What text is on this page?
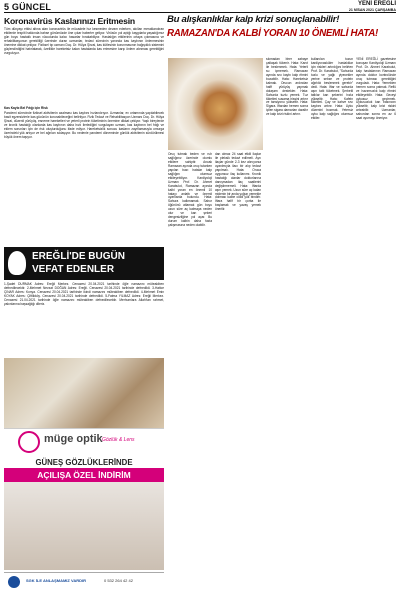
5 GÜNCEL	YENİ EREĞLİ
21 NİSAN 2021 ÇARŞAMBA
Koronavirüs Kaslarınızı Eritmesin
Tüm dünyayı etkisi altına alan koronavirüs ile mücadele hız kesmeden devam ederken, akılları meraklandıran etkilerde tespiti hakkında bahse günümüzde öne çıkar haberler geliyor. Virüsün yol açtığı kaygılarla yaşadığımız gün boyu hastalık insan vücudunda kalıcı hasarlar bırakabiliyor. Hastalığın etkilerinin ortaya çıkmasına ve rehabilitasyonun gerekliliği üzerinde duran uzmanlar, tedavi sürecinin yanında kas kaybının önlenmesinin önemine dikkat çekiyor. Fiziksel tıp uzmanı Doç. Dr. Hülya Şirzai, kas kütlesinin korunmasının bağışıklık sistemini güçlendirdiğini hatırlatarak, özellikle hareketsiz kalan hastalarda kas erimesine karşı önlem alınması gerektiğini vurguluyor.
Kas Kaybı Bel Fıtığı için Risk
Pandemi sürecinde fiziksel aktivitenin azalması kas kaybını hızlandırıyor. Uzmanlar, ev ortamında yapılabilecek basit egzersizlerle kas gücünün korunabileceğini belirtiyor. Fizik Tedavi ve Rehabilitasyon Uzmanı Doç. Dr. Hülya Şirzai, düzenli yürüyüş, esneme hareketleri ve yeterli protein tüketiminin önemine dikkat çekiyor. Yaşlı bireylerde ve kronik hastalığı olanlarda kas kaybının daha hızlı ilerlediğini vurgulayan uzman, kas kaybının bel fıtığı ve eklem sorunları için de risk oluşturduğunu ifade ediyor. Hareketsizlik sonucu kasların zayıflamasıyla omurga üzerindeki yük artıyor ve bel ağrıları sıklaşıyor. Bu nedenle pandemi döneminde günlük aktivitenin sürdürülmesi büyük önem taşıyor.
EREĞLİ'DE BUGÜN
VEFAT EDENLER
1-Şadet DURMAK Adres: Ereğli Merkez. Cenazesi 20.04.2021 tarihinde öğle namazını müteakiben defnedilecektir. 2-Mehmet Nevzat DOĞAN Adres: Ereğli. Cenazesi 20.04.2021 tarihinde defnedildi. 3-Hatice ÇINAR Adres: Konya. Cenazesi 20.04.2021 tarihinde ikindi namazını müteakiben defnedildi. 4-Mehmet Emin KOYAK Adres: Çiftlikköy. Cenazesi 20.04.2021 tarihinde defnedildi. 5-Fatma YILMAZ Adres: Ereğli Merkez. Cenazesi 21.04.2021 tarihinde öğle namazını müteakiben defnedilecektir. Merhumlara Allah'tan rahmet, yakınlarına başsağlığı dileriz.
müge optik Gözlük & Lens
GÜNEŞ GÖZLÜKLERİNDE
AÇILIŞA ÖZEL İNDİRİM
SGK İLE ANLAŞMAMIZ VARDIR	0 532 264 42 42
Bu alışkanlıklar kalp krizi sonuçlanabilir!
RAMAZAN'DA KALBİ YORAN 10 ÖNEMLİ HATA!
Oruç tutmak beden ve ruh sağlığınız üzerinde olumlu etkilere sahiptir. Ancak Ramazan ayında oruç tutarken yapılan bazı hatalar kalp sağlığını olumsuz etkileyebiliyor. Kardiyoloji Uzmanı Prof. Dr. Ahmet Karabulut, Ramazan ayında kalbi yoran en önemli 10 hatayı anlattı ve önemli uyarılarda bulundu. Hata: Sahura kalkmamak. Sahur öğününü atlamak gün boyu uzun süre aç kalmaya neden olur ve kan şekeri dengesizliğine yol açar. Bu durum kalbin daha fazla çalışmasına neden olabilir.
dan olmaz 24 saat etkili ilaçlar ile pleksik tedavi edilmeli. Ayrı ilaçlar günde 2-3 kez alınıyorsa uyanlmıyla ilacı bir alıp tedavi yapılmalı. Hata: Oruca uygunsuz ilaç kullanımı. Kronik hastalığı olanlar doktorlarına danışmadan ilaç saatlerini değiştirmemeli. Hata: İftarda aşırı yemek. Uzun süre aç kalan midenin bir anda yoğun yemekle dolması kalbe ciddi yük bindirir. İftara hafif bir çorba ile başlamak ve yavaş yemek önerilir.
sıkmadan birer zabaye çatlaşak tükenir. Hata: Kanıt ile beslenmek. Hata: Yeterli su içmemek. Ramazan ayında sıvı kaybı kalp ritmini bozabilir. Hata: Hareketsiz kalmak. Orucun ardından hafif yürüyüş yapmak dolaşımı destekler. Hata: Sahurda tuzlu yemek. Tuz tüketimi susama hissini artırır ve tansiyonu yükseltir. Hata: Sigara. İftardan hemen sonra içilen sigara damarları daraltır ve kalp krizi riskini artırır.
kullanılan tuzun kardiyovasküler hastalıklar için riskleri artırdığını belirten Prof. Dr. Karabulut, "Sahurda tuzlu ve yağlı yiyecekler yerine sebze ve protein ağırlıklı beslenmek gerekir" dedi. Hata: İftar ve sahurda aşırı tatlı tüketmek. Şerbetli tatlılar kan şekerini hızla yükseltir. Hata: Kafein tüketimi. Çay ve kahve sıvı kaybını artırır. Hata: Uyku düzenini bozmak. Yetersiz uyku kalp sağlığını olumsuz etkiler.
YENİ EREĞLİ gazetesine konuşan Kardiyoloji Uzmanı Prof. Dr. Ahmet Karabulut, kalp hastalarının Ramazan ayında doktor kontrolünde oruç tutması gerektiğini vurguladı. Hata: Yemekten hemen sonra yatmak. Reflü ve hazımsızlık kalp ritmini etkileyebilir. Hata: Geceyi uykusuz geçirmek. Uykusuzluk kan basıncını yükseltir, kalp krizi riskini artırabilir. Uzmanlar, sahurdan sonra en az 6 saat uyumayı öneriyor.
